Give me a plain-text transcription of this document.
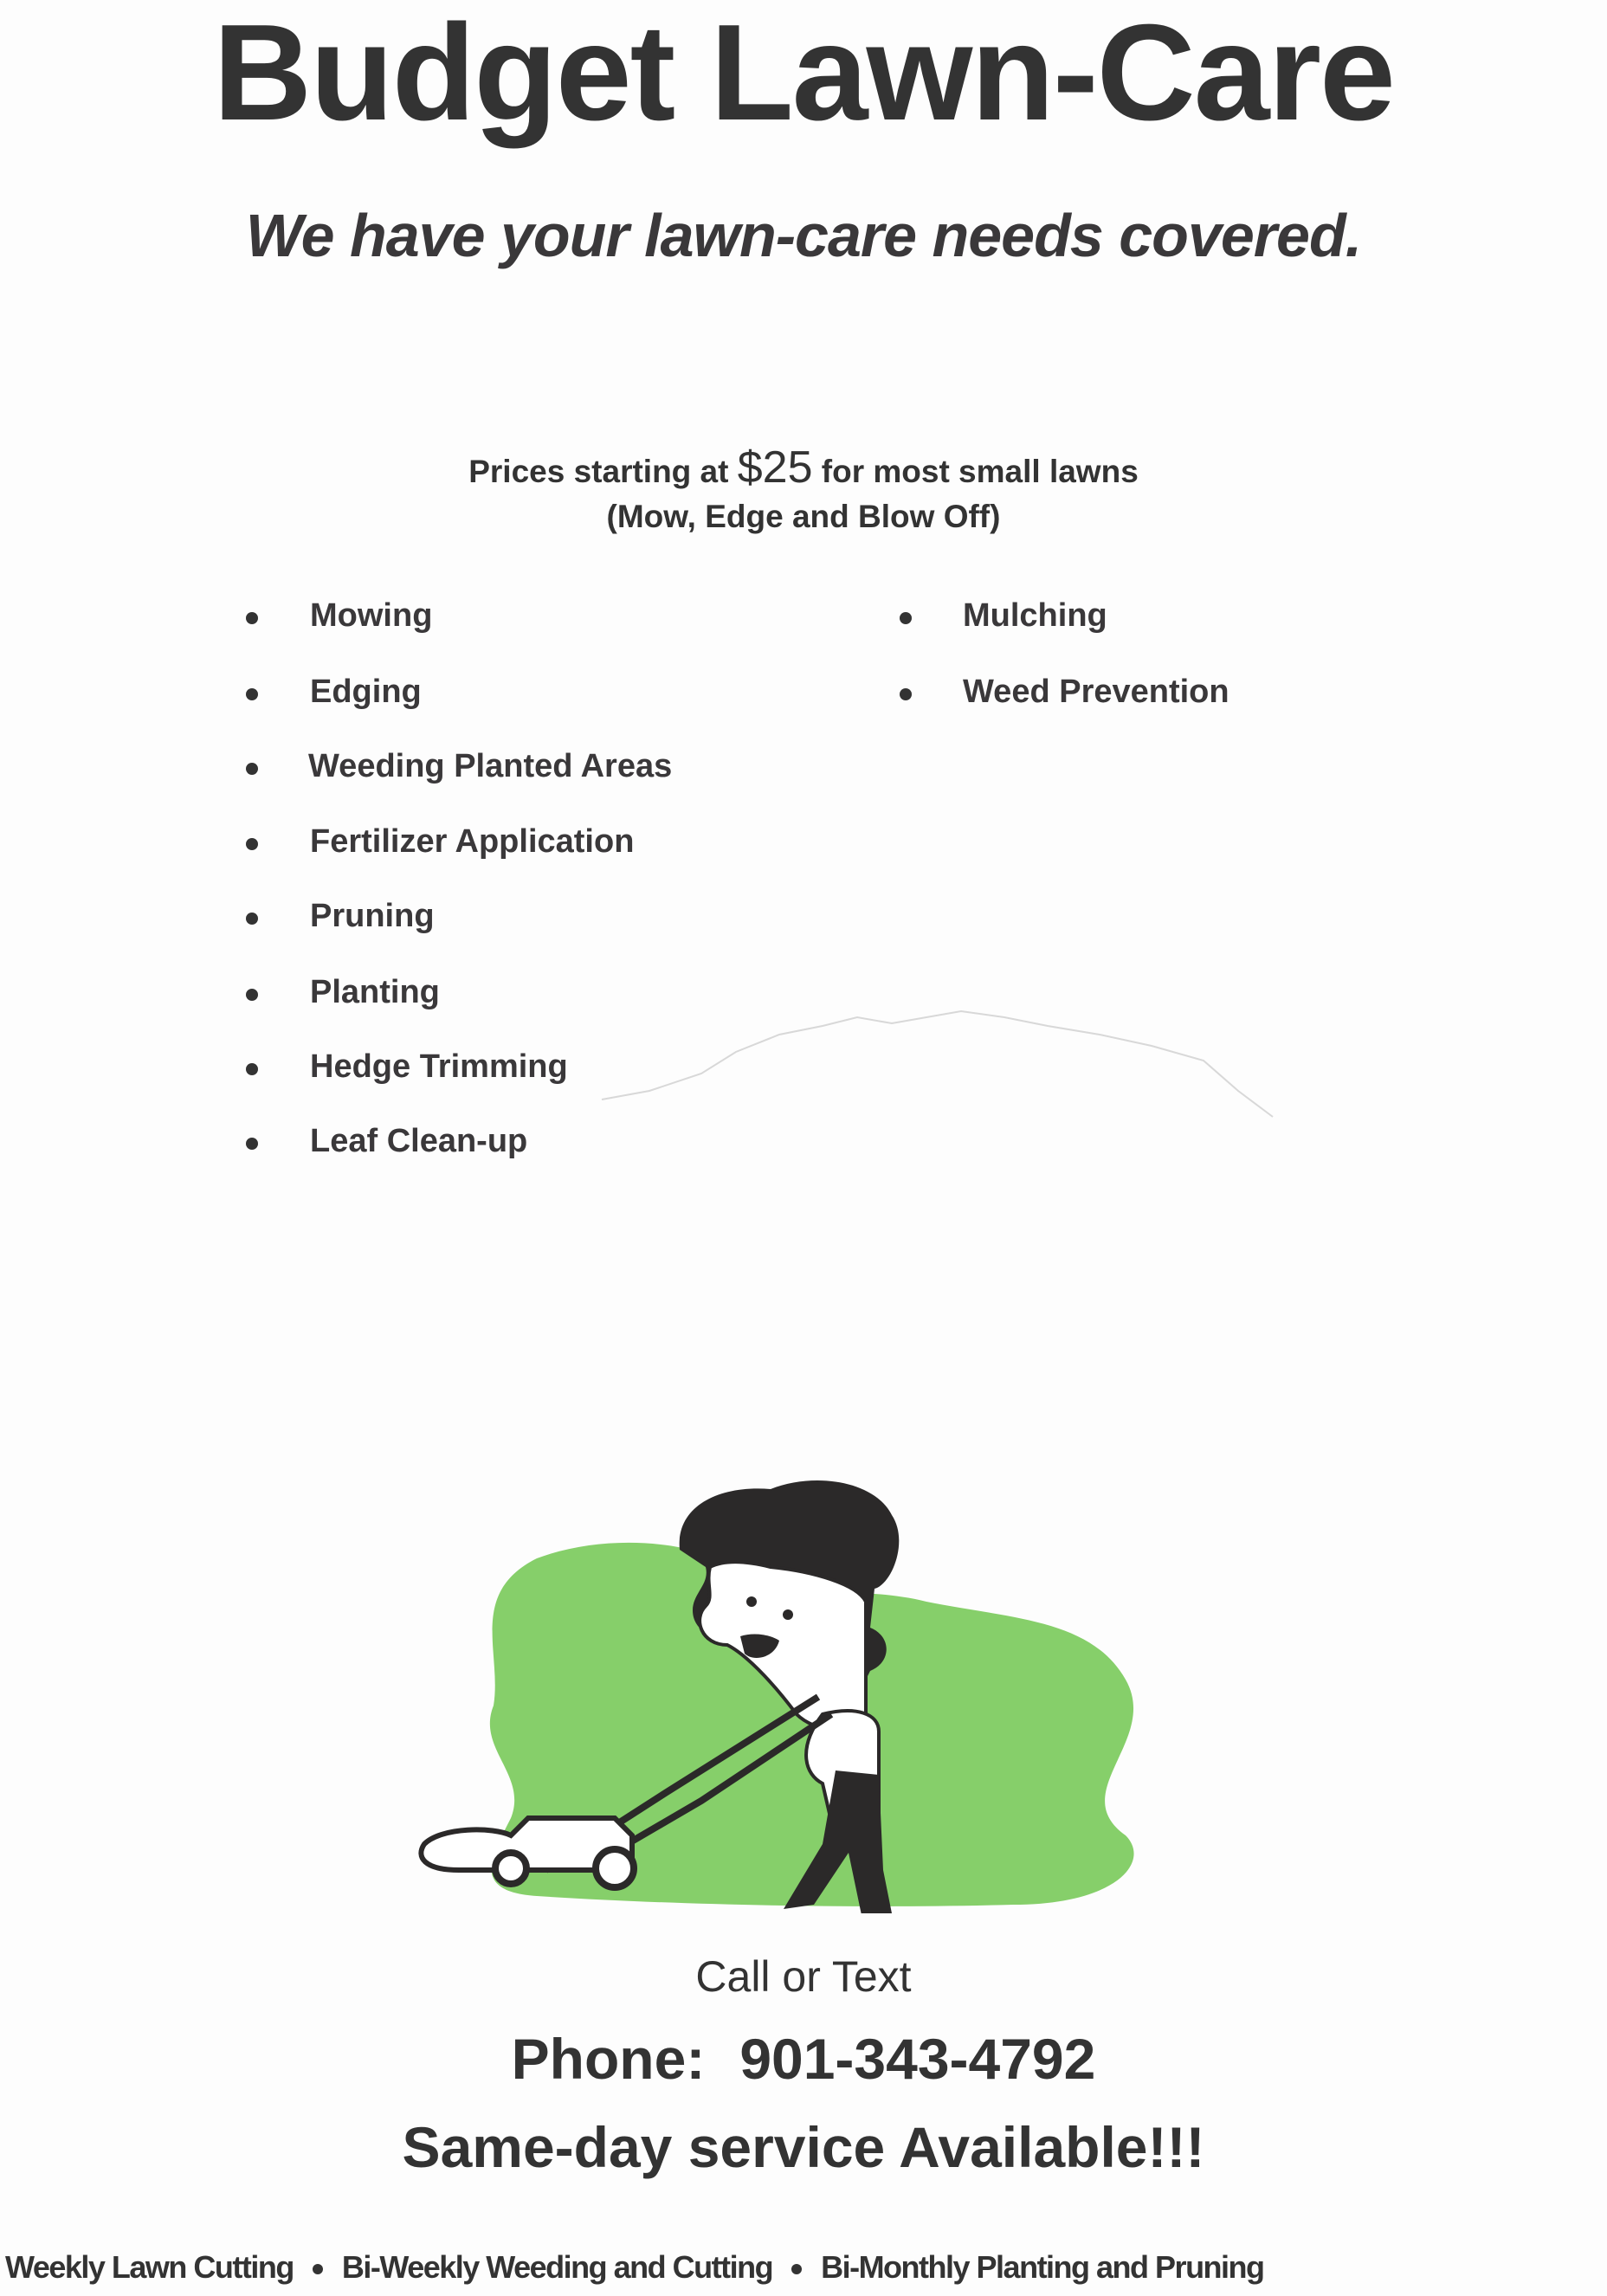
Budget Lawn-Care
We have your lawn-care needs covered.
Prices starting at $25 for most small lawns
(Mow, Edge and Blow Off)
Mowing
Edging
Weeding Planted Areas
Fertilizer Application
Pruning
Planting
Hedge Trimming
Leaf Clean-up
Mulching
Weed Prevention
Call or Text
Phone: 901-343-4792
Same-day service Available!!!
Weekly Lawn Cutting Bi-Weekly Weeding and Cutting Bi-Monthly Planting and Pruning
